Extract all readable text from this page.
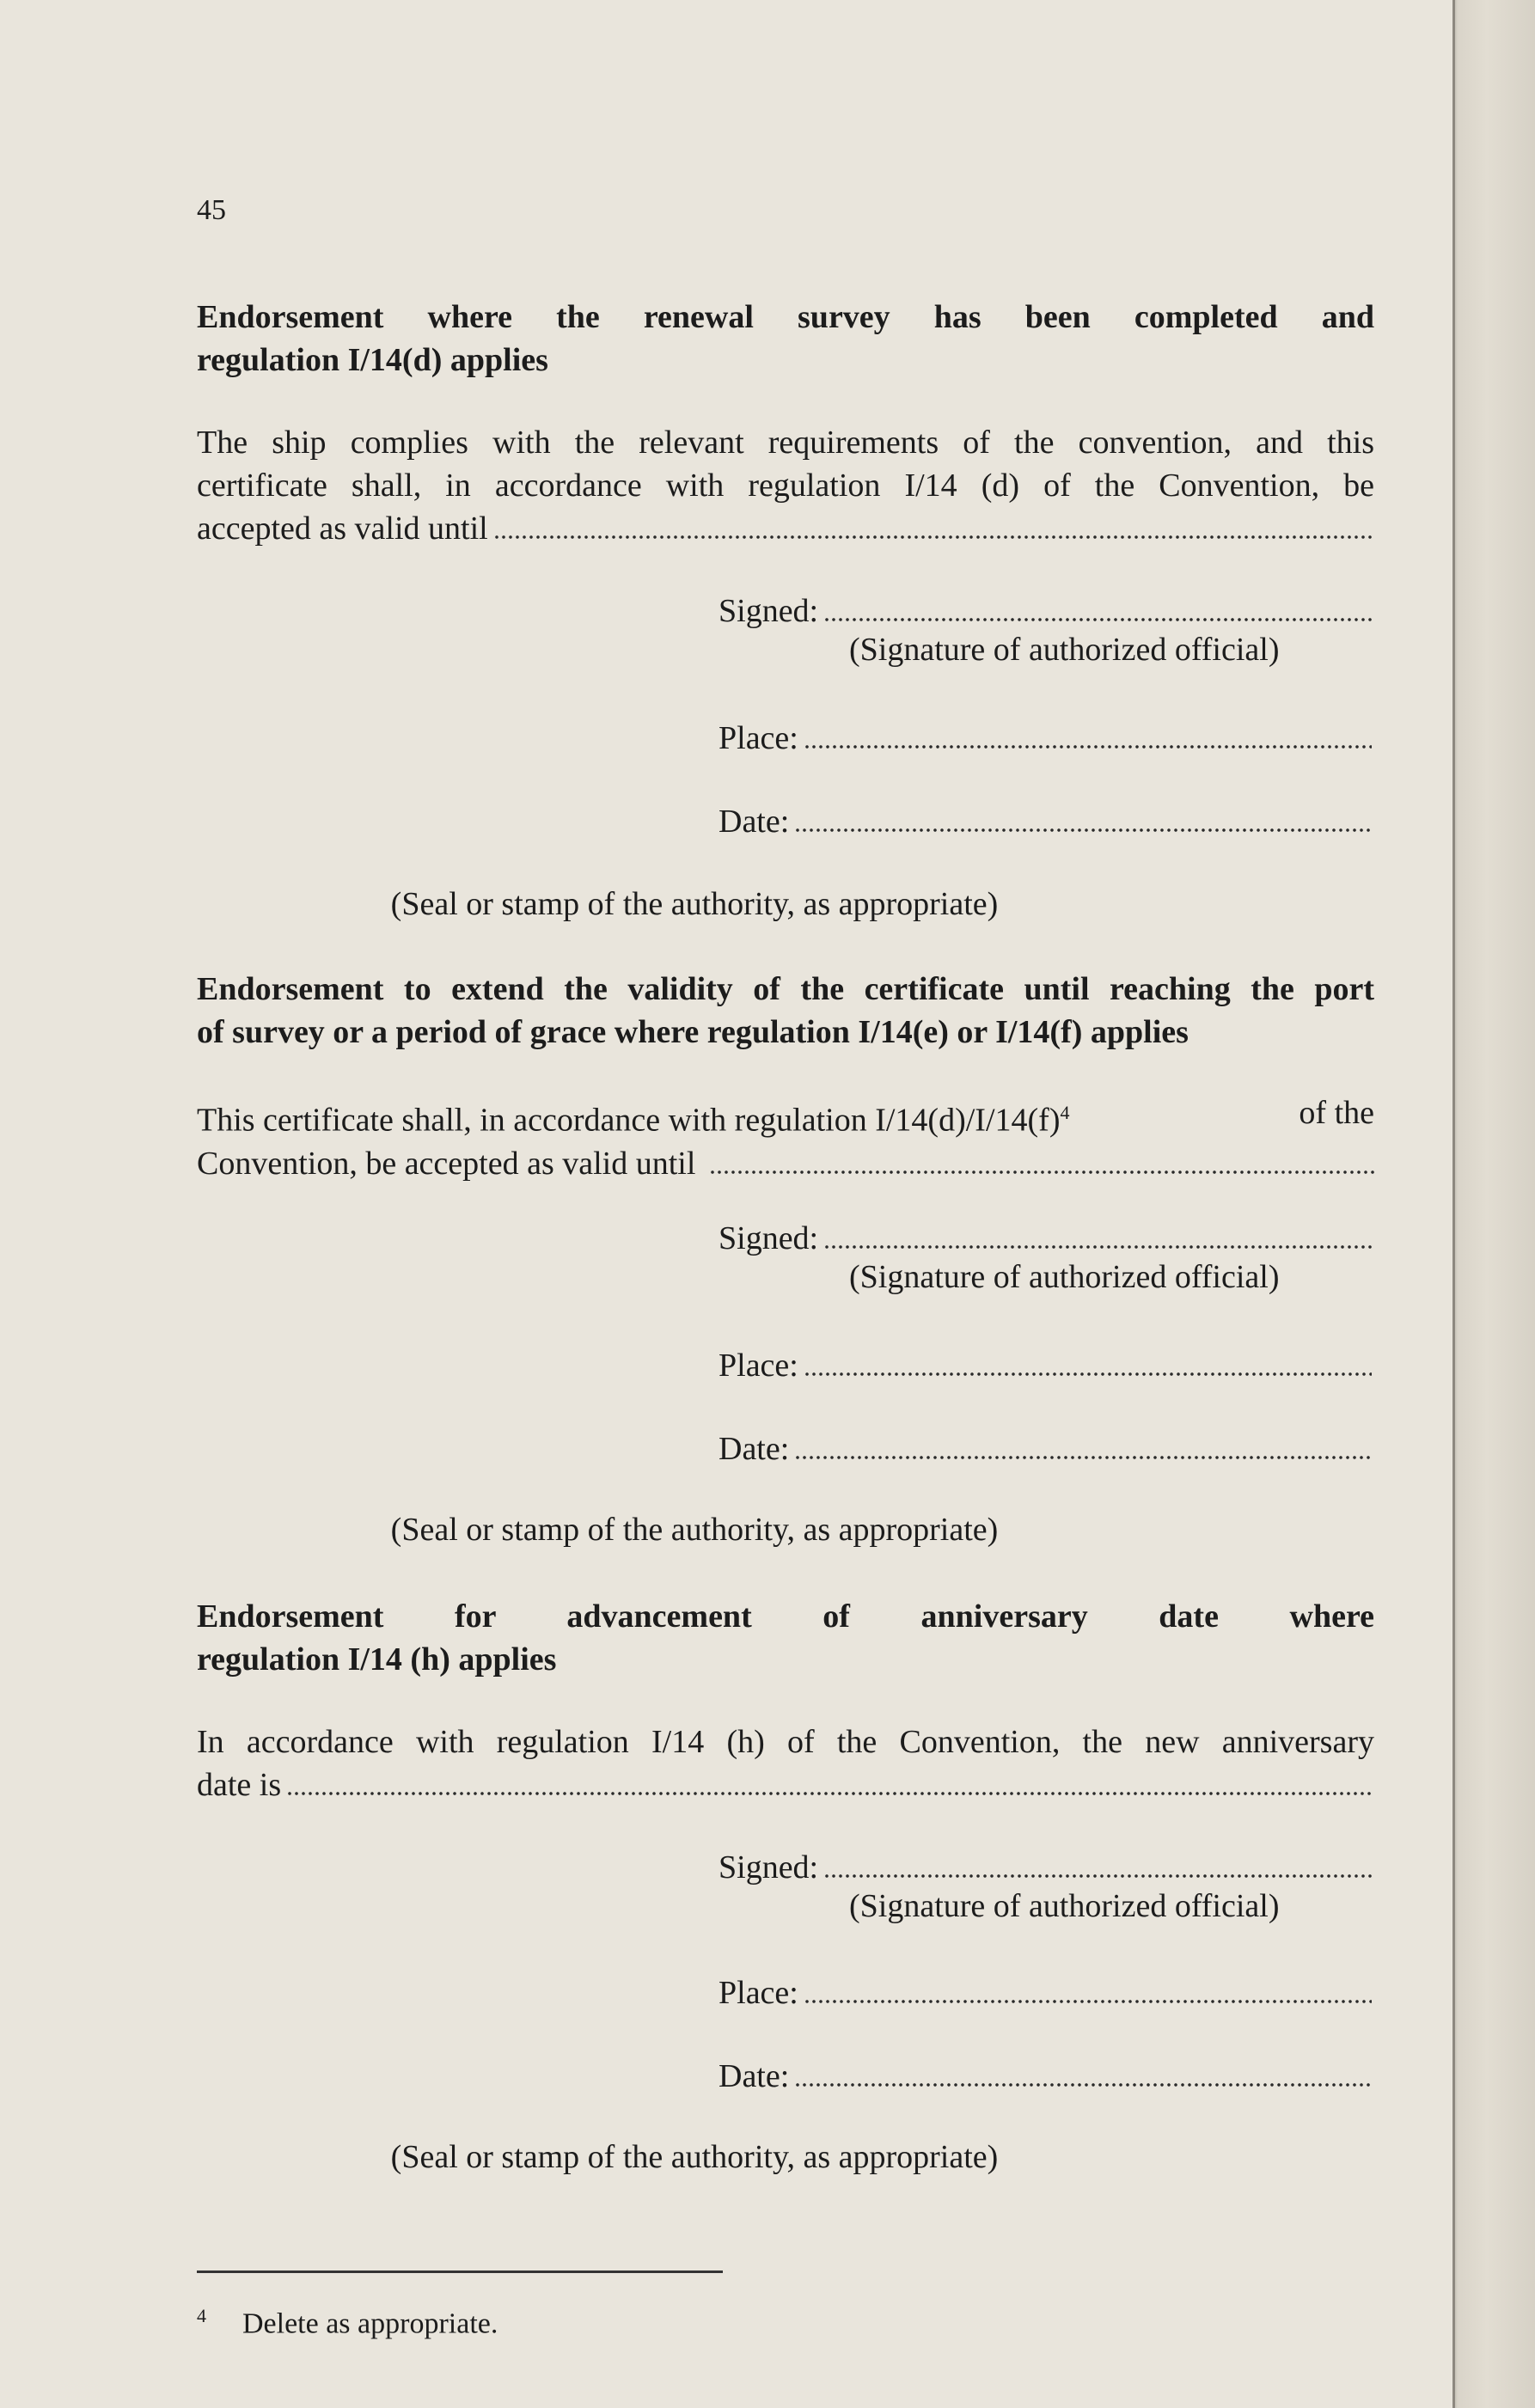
45

Endorsement where the renewal survey has been completed and
regulation I/14(d) applies

The ship complies with the relevant requirements of the convention, and this
certificate shall, in accordance with regulation I/14 (d) of the Convention, be

accepted as valid until
Signed:
(Signature of authorized official)
Place:
Date:
(Seal or stamp of the authority, as appropriate)

Endorsement to extend the validity of the certificate until reaching the port
of survey or a period of grace where regulation I/14(e) or I/14(f) applies

This certificate shall, in accordance with regulation I/14(d)/I/14(f)$^4$	of the

Convention, be accepted as valid until
Signed:
(Signature of authorized official)
Place:
Date:
(Seal or stamp of the authority, as appropriate)

Endorsement for advancement of anniversary date where
regulation I/14 (h) applies

In accordance with regulation I/14 (h) of the Convention, the new anniversary

date is
Signed:
(Signature of authorized official)
Place:
Date:
(Seal or stamp of the authority, as appropriate)
$^4$ Delete as appropriate.
